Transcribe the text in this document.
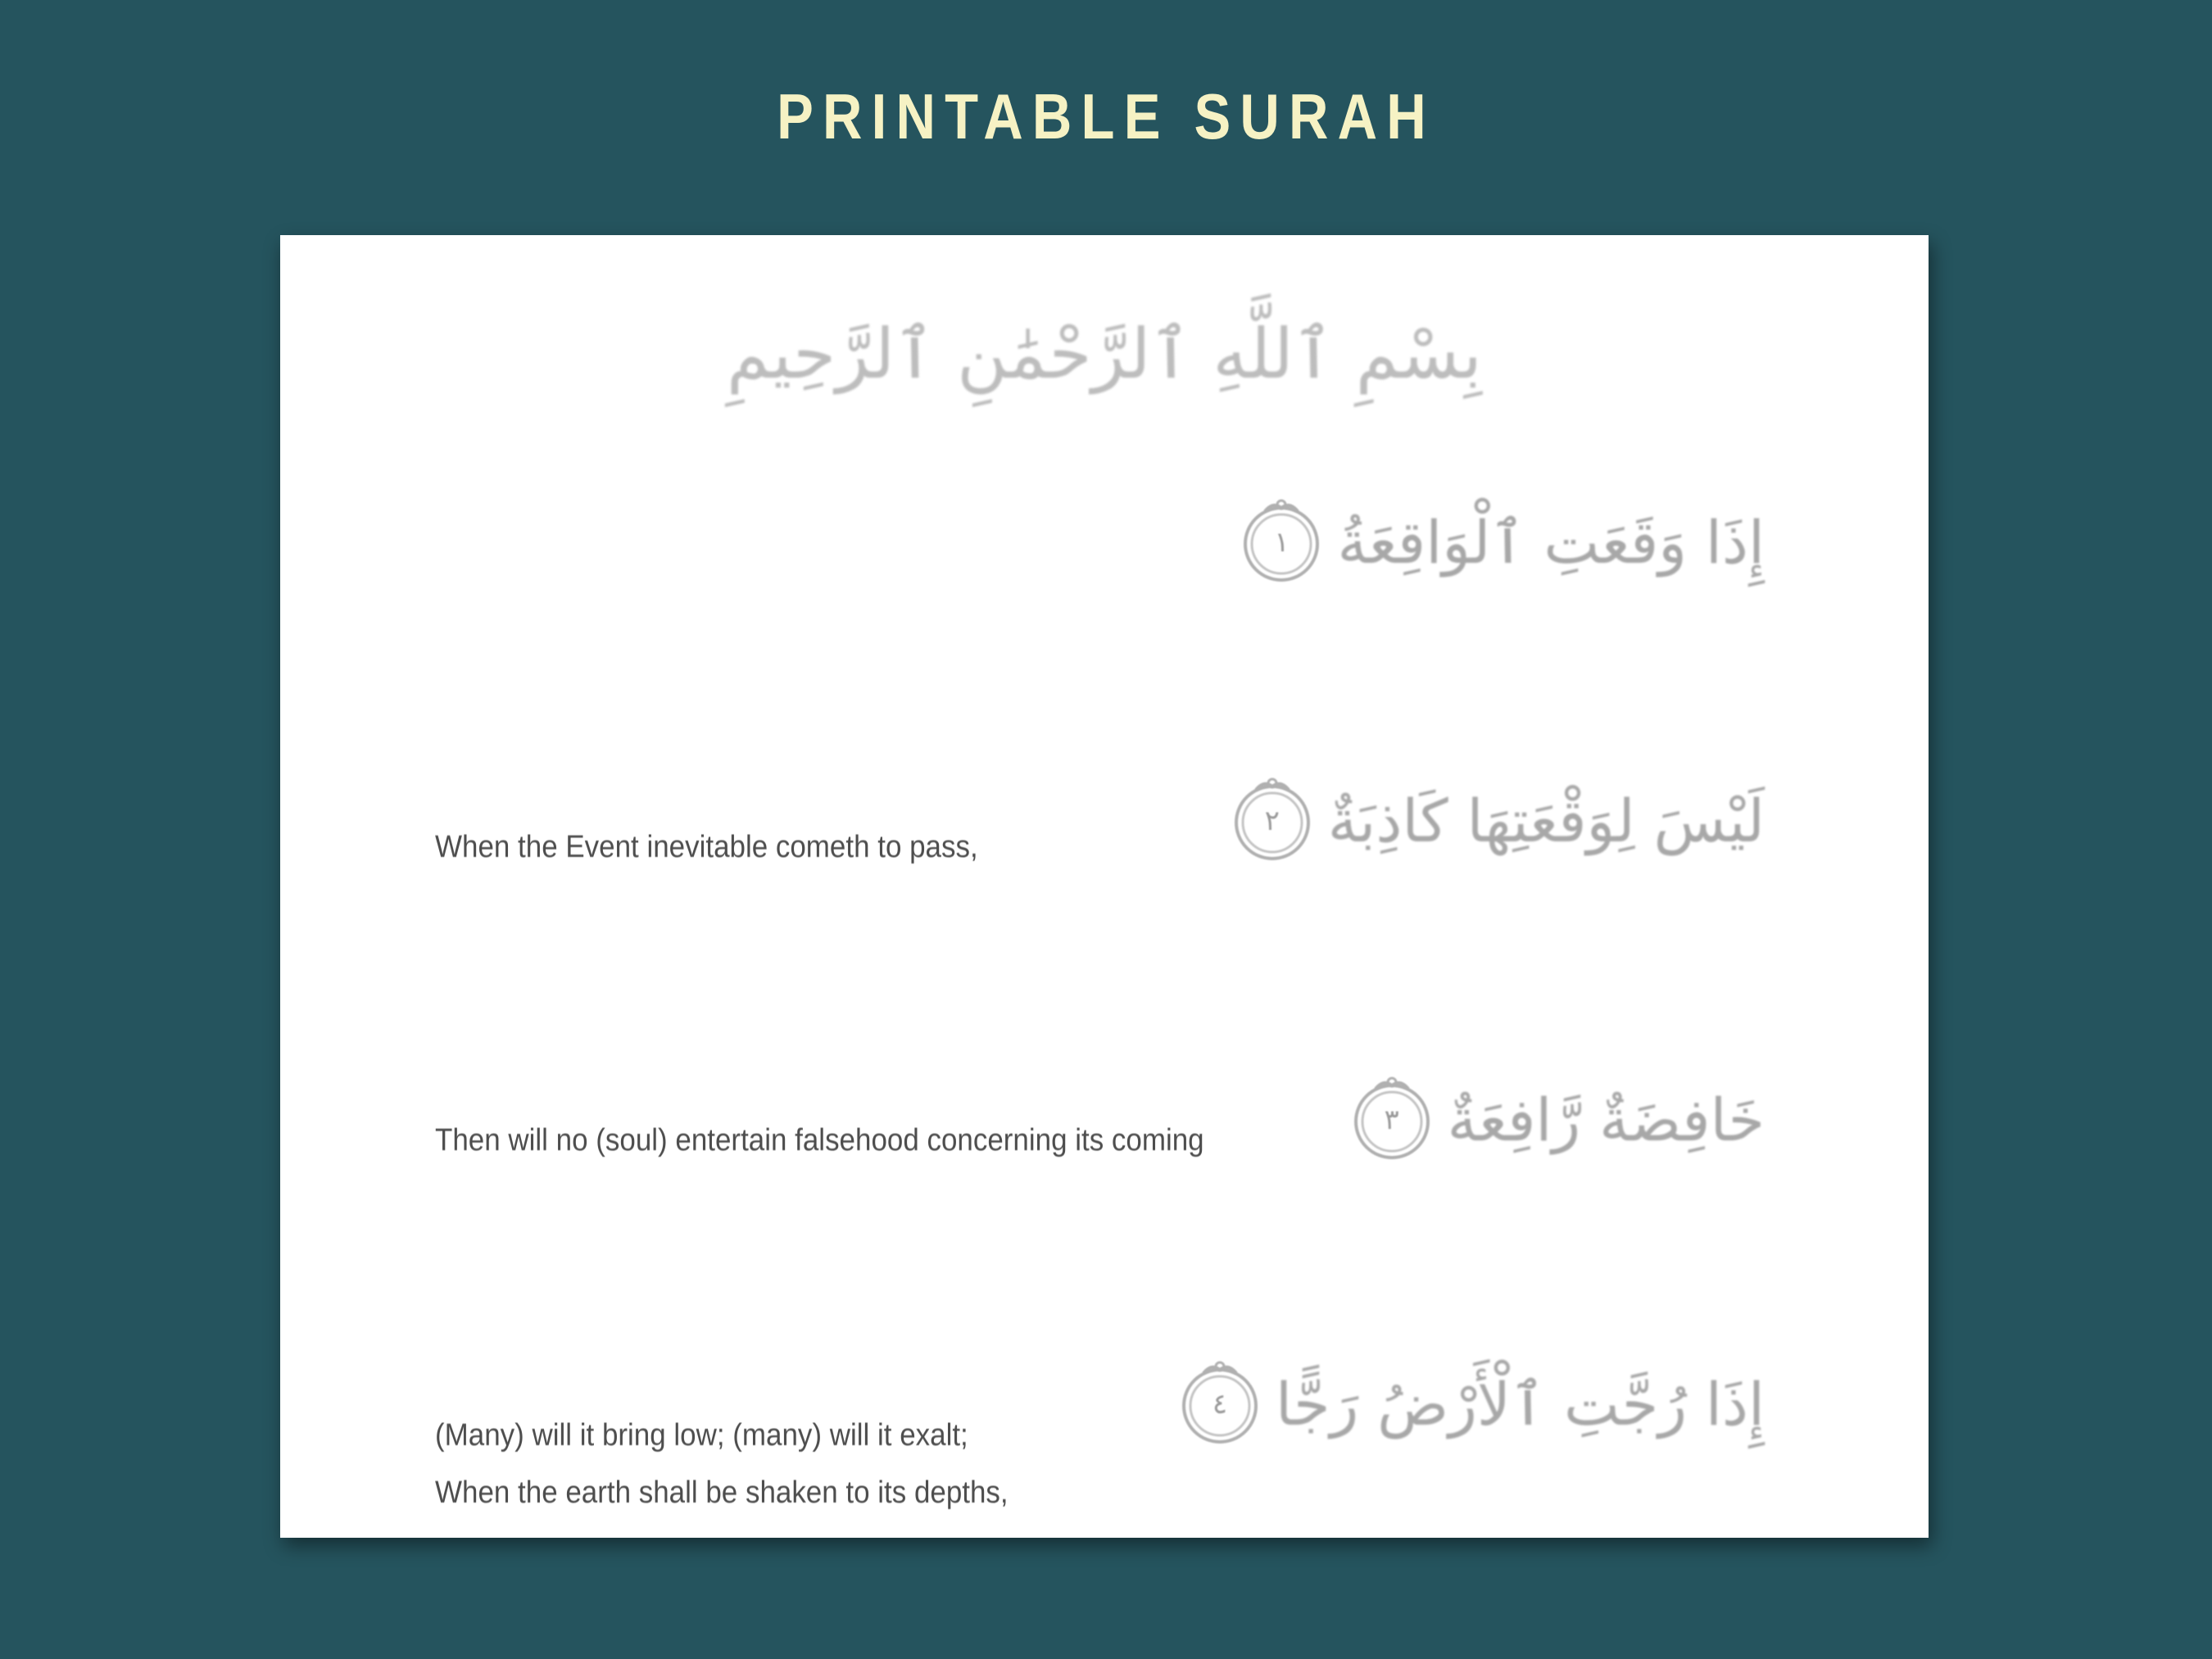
PRINTABLE SURAH
بِسْمِ ٱللَّهِ ٱلرَّحْمَٰنِ ٱلرَّحِيمِ
١ إِذَا وَقَعَتِ ٱلْوَاقِعَةُ
When the Event inevitable cometh to pass,
٢ لَيْسَ لِوَقْعَتِهَا كَاذِبَةٌ
Then will no (soul) entertain falsehood concerning its coming
٣ خَافِضَةٌ رَّافِعَةٌ
(Many) will it bring low; (many) will it exalt;
٤ إِذَا رُجَّتِ ٱلْأَرْضُ رَجًّا
When the earth shall be shaken to its depths,
